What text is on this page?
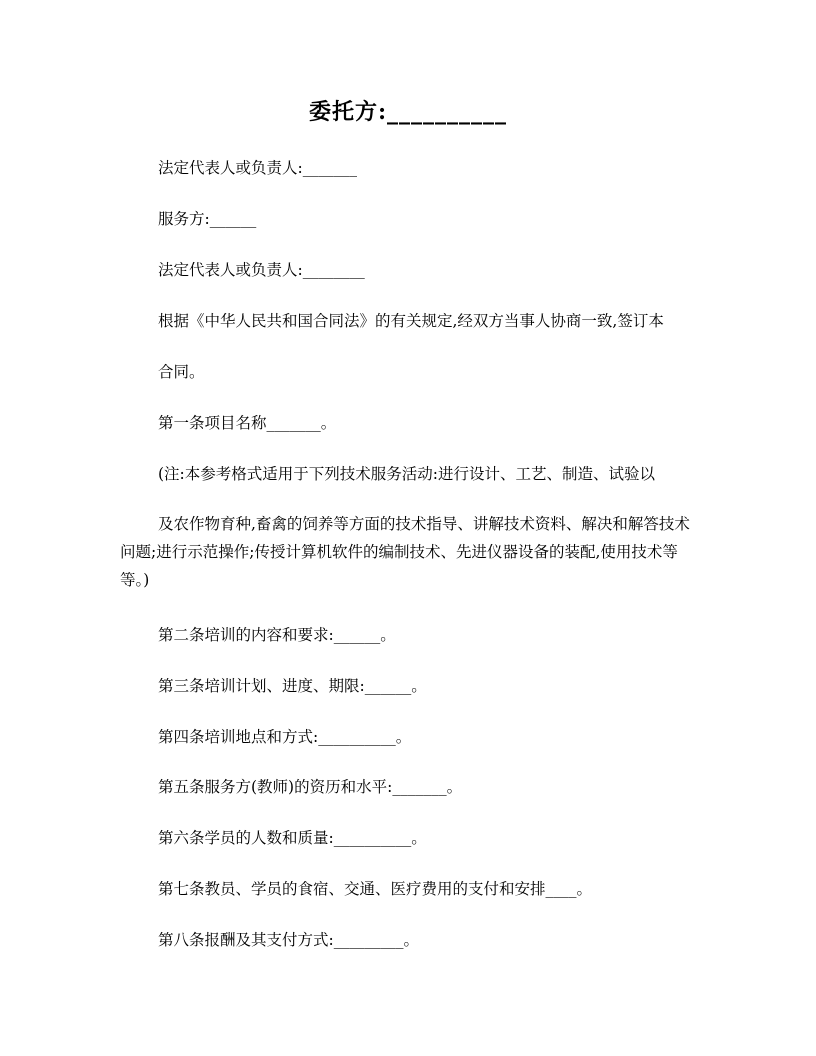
委托方:__________
法定代表人或负责人:_______
服务方:______
法定代表人或负责人:________
根据《中华人民共和国合同法》的有关规定,经双方当事人协商一致,签订本
合同。
第一条项目名称_______。
(注:本参考格式适用于下列技术服务活动:进行设计、工艺、制造、试验以
及农作物育种,畜禽的饲养等方面的技术指导、讲解技术资料、解决和解答技术问题;进行示范操作;传授计算机软件的编制技术、先进仪器设备的装配,使用技术等等。)
第二条培训的内容和要求:______。
第三条培训计划、进度、期限:______。
第四条培训地点和方式:__________。
第五条服务方(教师)的资历和水平:_______。
第六条学员的人数和质量:__________。
第七条教员、学员的食宿、交通、医疗费用的支付和安排____。
第八条报酬及其支付方式:_________。
